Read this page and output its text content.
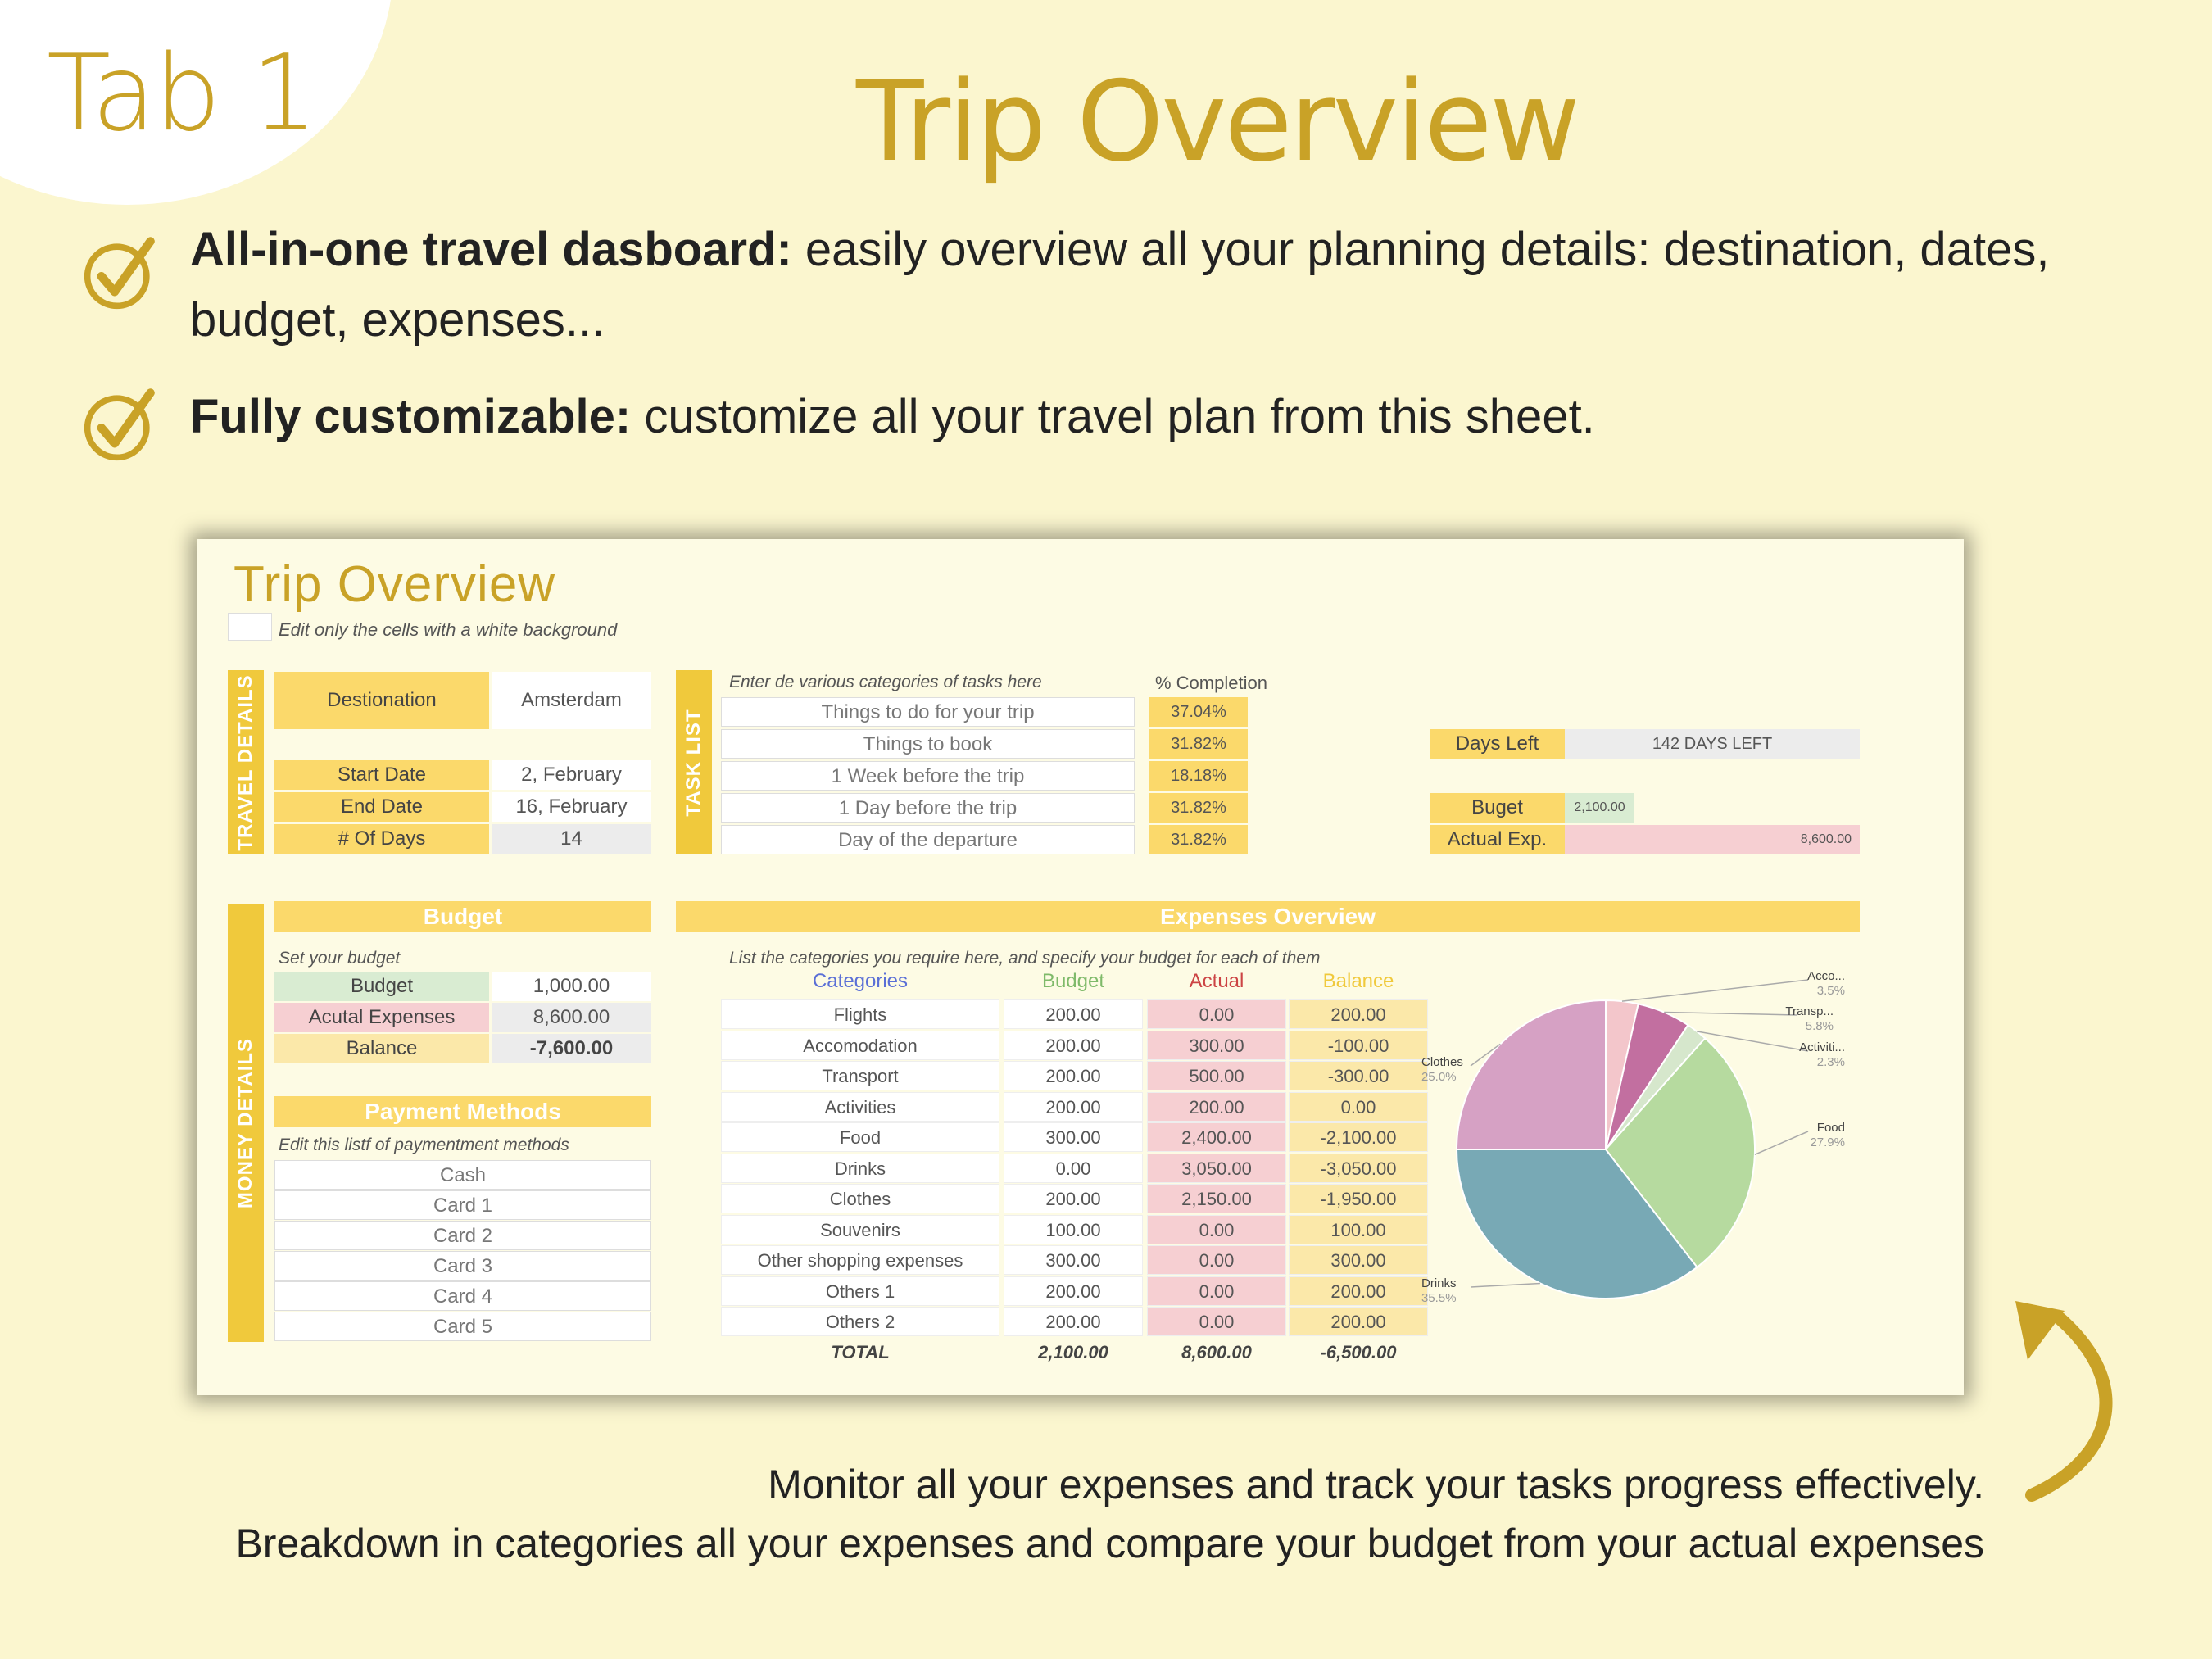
Tab 1	Trip Overview
All-in-one travel dasboard: easily overview all your planning details: destination, dates, budget, expenses...
Fully customizable: customize all your travel plan from this sheet.
Trip Overview
Edit only the cells with a white background
TRAVEL DETAILS	Destionation	Amsterdam
Start Date	2, February
End Date	16, February
# Of Days	14
TASK LIST
Enter de various categories of tasks here	% Completion
Things to do for your trip	37.04%
Things to book	31.82%
1 Week before the trip	18.18%
1 Day before the trip	31.82%
Day of the departure	31.82%
Days Left	142 DAYS LEFT
Buget	2,100.00
Actual Exp.	8,600.00
MONEY DETAILS
Budget
Set your budget
Budget	1,000.00
Acutal Expenses	8,600.00
Balance	-7,600.00
Payment Methods
Edit this listf of paymentment methods
Cash
Card 1
Card 2
Card 3
Card 4
Card 5
Expenses Overview
List the categories you require here, and specify your budget for each of them
Categories	Budget	Actual	Balance
Flights	200.00	0.00	200.00
Accomodation	200.00	300.00	-100.00
Transport	200.00	500.00	-300.00
Activities	200.00	200.00	0.00
Food	300.00	2,400.00	-2,100.00
Drinks	0.00	3,050.00	-3,050.00
Clothes	200.00	2,150.00	-1,950.00
Souvenirs	100.00	0.00	100.00
Other shopping expenses	300.00	0.00	300.00
Others 1	200.00	0.00	200.00
Others 2	200.00	0.00	200.00
TOTAL	2,100.00	8,600.00	-6,500.00
Acco...
3.5%
Transp...
5.8%
Activiti...
2.3%
Food
27.9%
Drinks
35.5%
Clothes
25.0%
Monitor all your expenses and track your tasks progress effectively.
Breakdown in categories all your expenses and compare your budget from your actual expenses
